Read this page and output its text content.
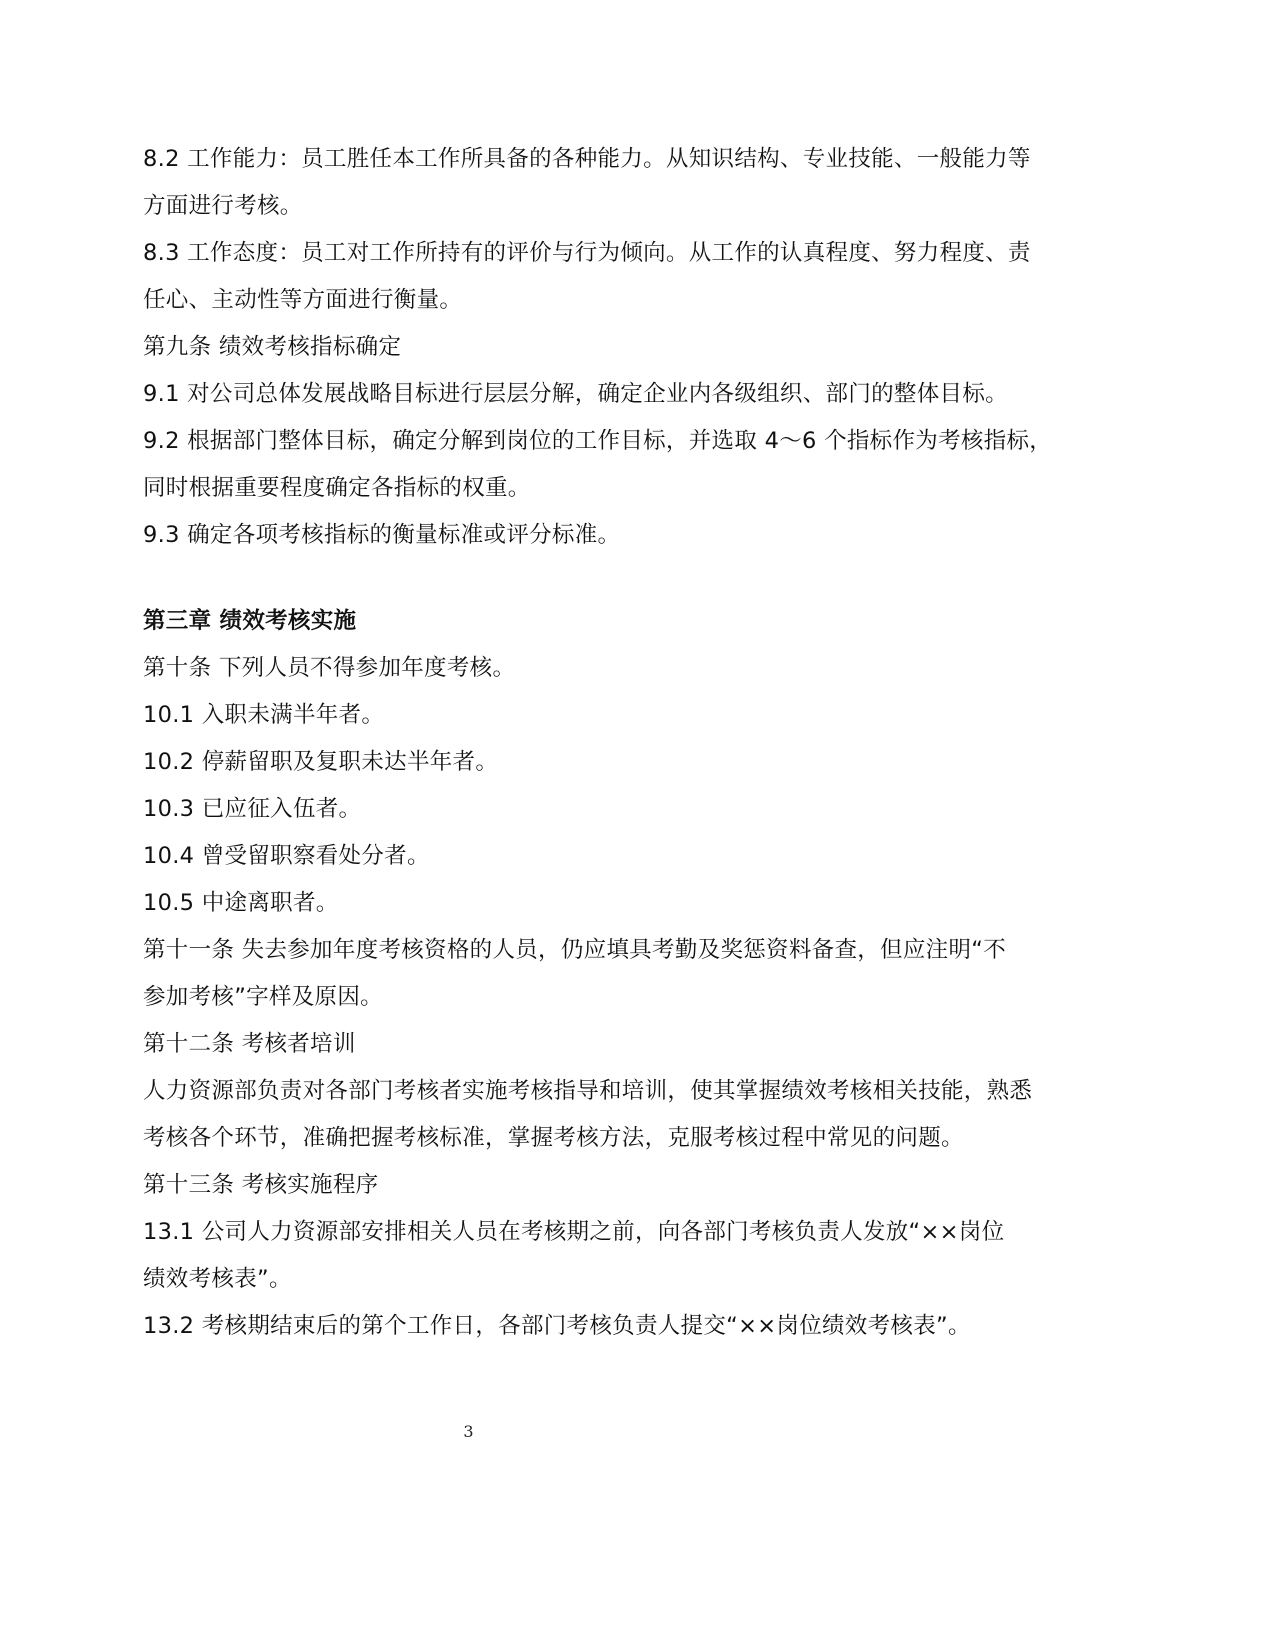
8.2 工作能力：员工胜任本工作所具备的各种能力。从知识结构、专业技能、一般能力等
方面进行考核。
8.3 工作态度：员工对工作所持有的评价与行为倾向。从工作的认真程度、努力程度、责
任心、主动性等方面进行衡量。
第九条 绩效考核指标确定
9.1 对公司总体发展战略目标进行层层分解，确定企业内各级组织、部门的整体目标。
9.2 根据部门整体目标，确定分解到岗位的工作目标，并选取 4～6 个指标作为考核指标，
同时根据重要程度确定各指标的权重。
9.3 确定各项考核指标的衡量标准或评分标准。
第三章 绩效考核实施
第十条 下列人员不得参加年度考核。
10.1 入职未满半年者。
10.2 停薪留职及复职未达半年者。
10.3 已应征入伍者。
10.4 曾受留职察看处分者。
10.5 中途离职者。
第十一条 失去参加年度考核资格的人员，仍应填具考勤及奖惩资料备查，但应注明“不
参加考核”字样及原因。
第十二条 考核者培训
人力资源部负责对各部门考核者实施考核指导和培训，使其掌握绩效考核相关技能，熟悉
考核各个环节，准确把握考核标准，掌握考核方法，克服考核过程中常见的问题。
第十三条 考核实施程序
13.1 公司人力资源部安排相关人员在考核期之前，向各部门考核负责人发放“××岗位
绩效考核表”。
13.2 考核期结束后的第个工作日，各部门考核负责人提交“××岗位绩效考核表”。
3
